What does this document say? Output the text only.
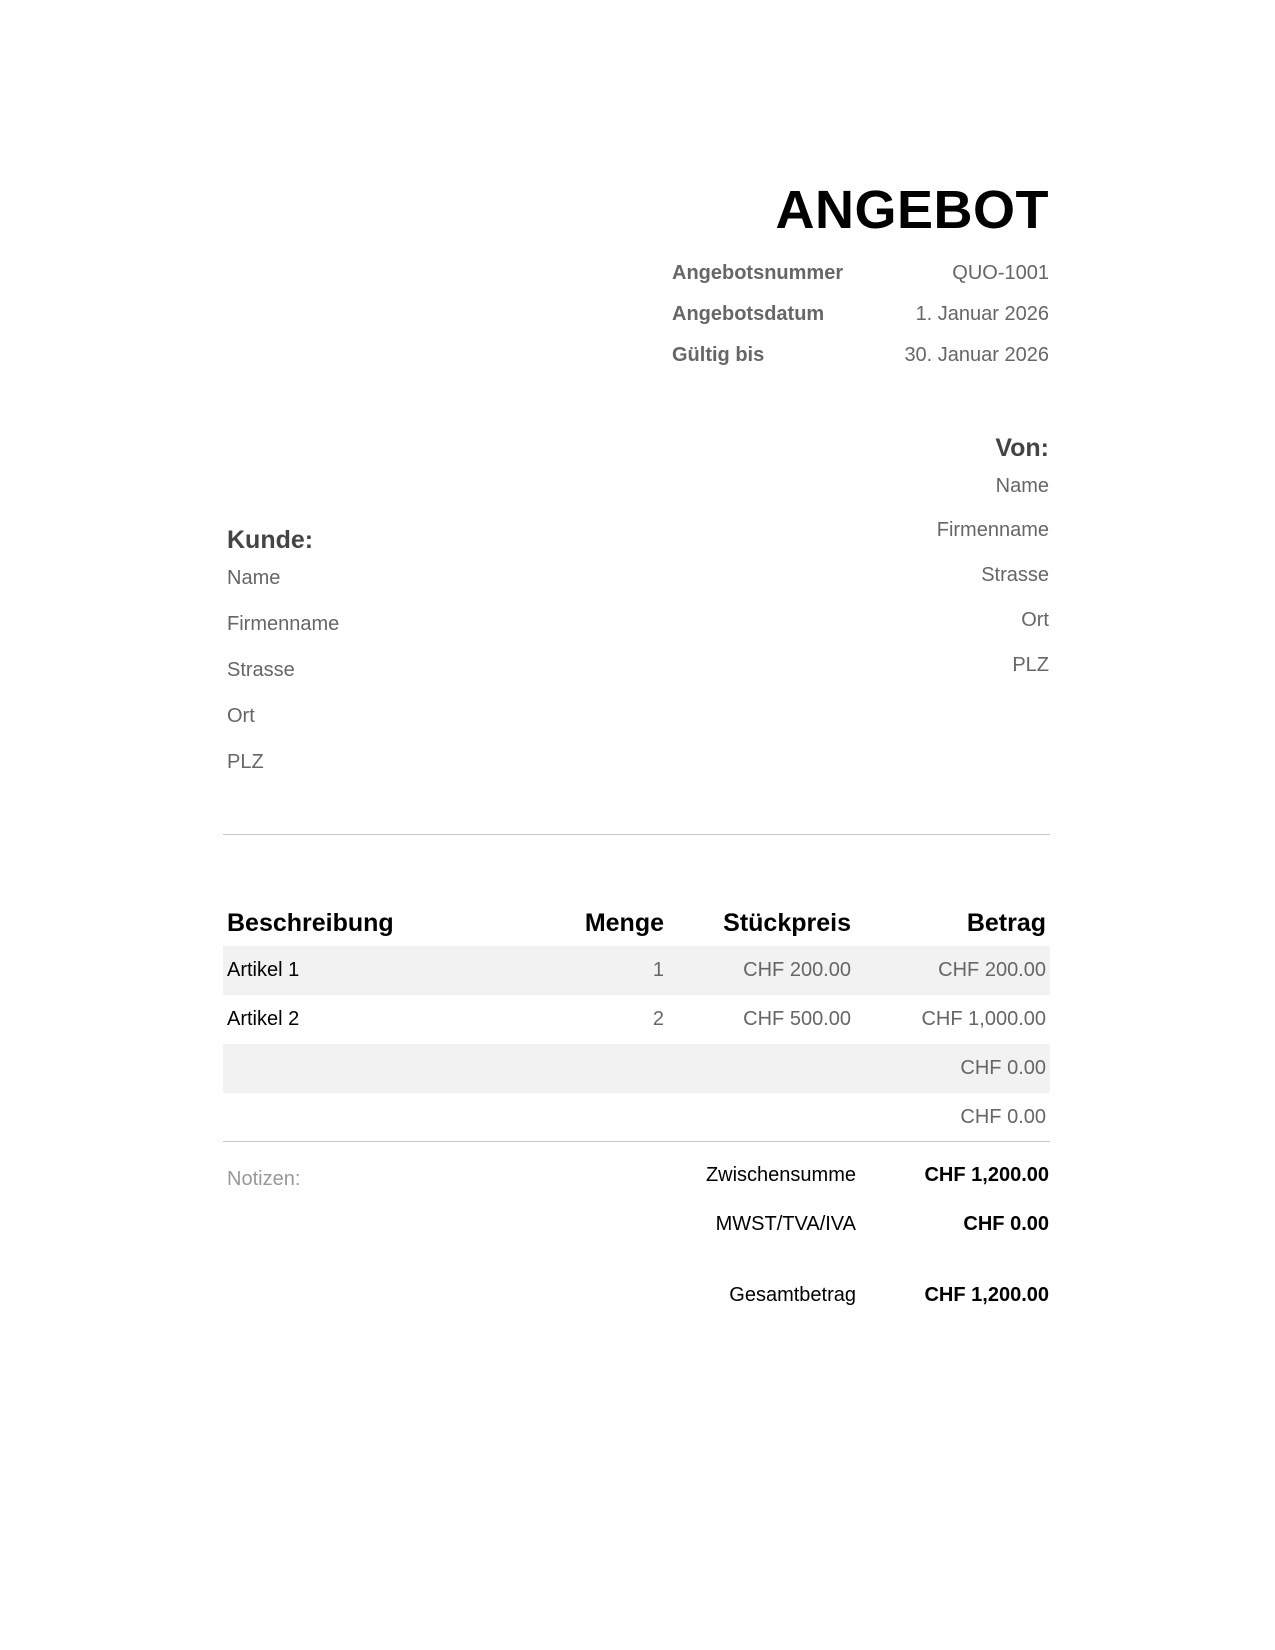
ANGEBOT
Angebotsnummer	QUO-1001
Angebotsdatum	1. Januar 2026
Gültig bis	30. Januar 2026
Von:
Name
Firmenname
Strasse
Ort
PLZ
Kunde:
Name
Firmenname
Strasse
Ort
PLZ
Beschreibung	Menge	Stückpreis	Betrag
Artikel 1	1	CHF 200.00	CHF 200.00
Artikel 2	2	CHF 500.00	CHF 1,000.00
			CHF 0.00
			CHF 0.00
Notizen:	Zwischensumme	CHF 1,200.00
MWST/TVA/IVA	CHF 0.00
Gesamtbetrag	CHF 1,200.00
